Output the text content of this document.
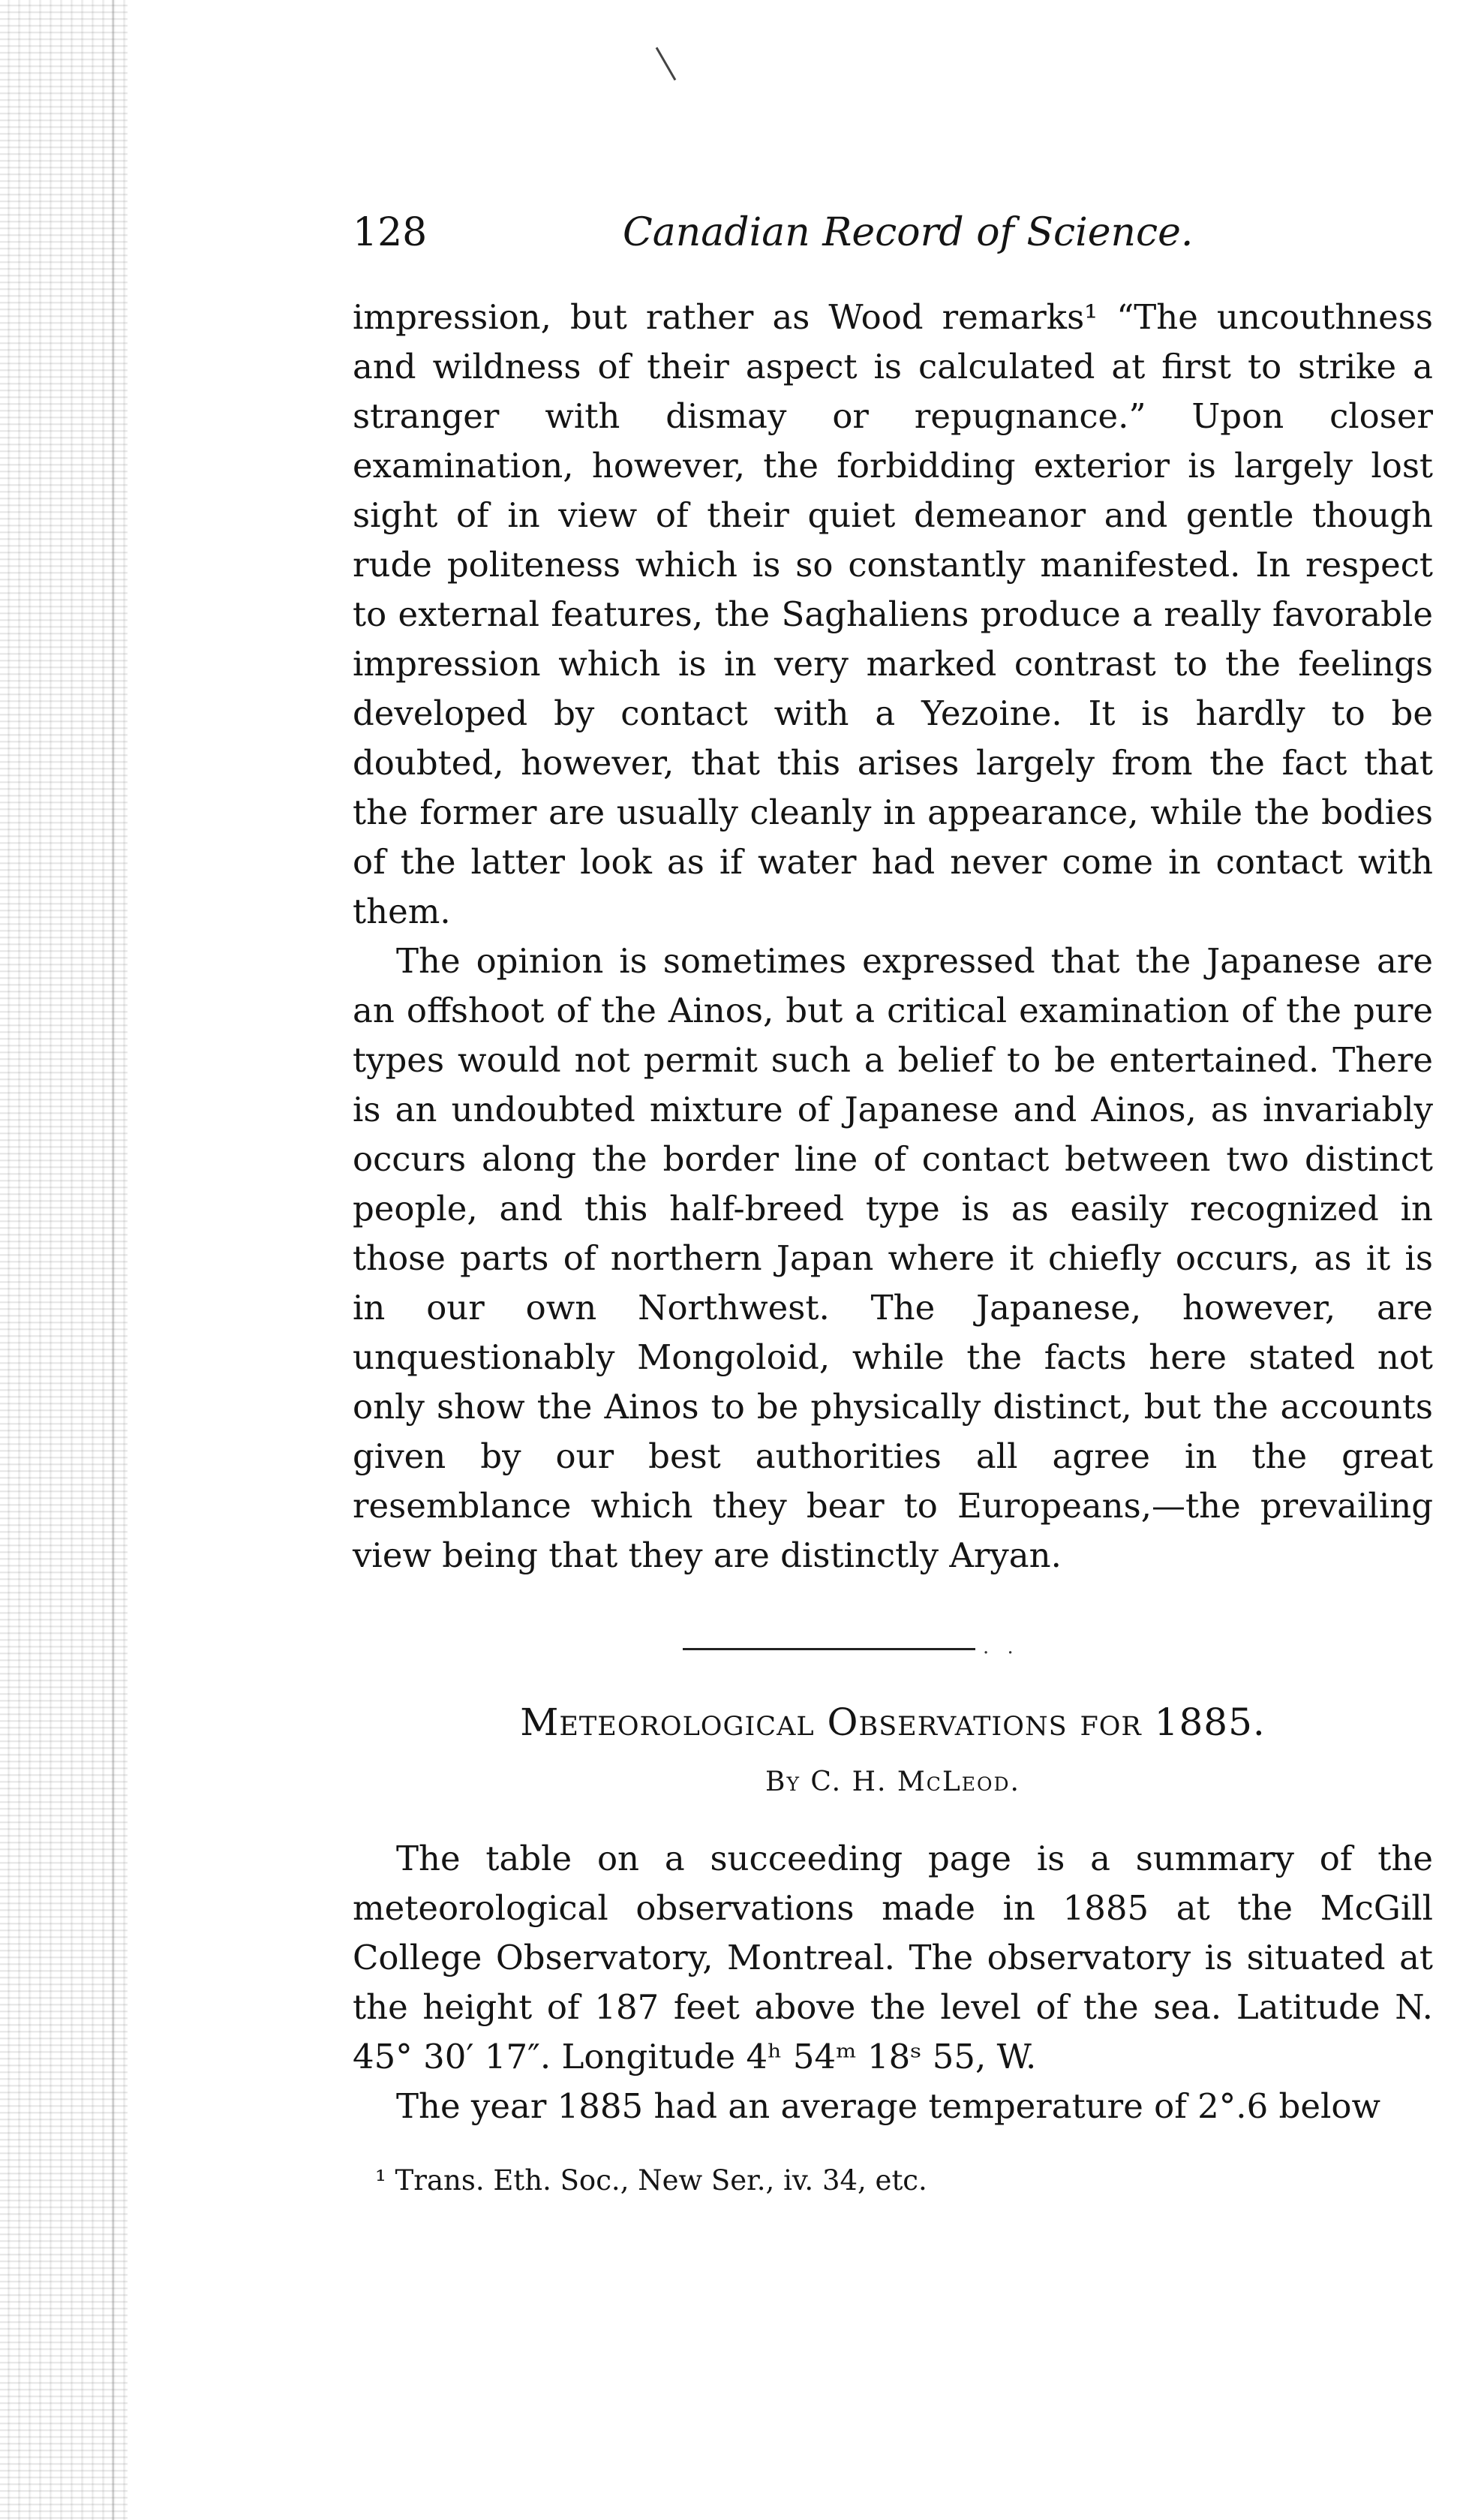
128	Canadian Record of Science.

impression, but rather as Wood remarks¹ “The uncouthness and wildness of their aspect is calculated at first to strike a stranger with dismay or repugnance.” Upon closer examination, however, the forbidding exterior is largely lost sight of in view of their quiet demeanor and gentle though rude politeness which is so constantly manifested. In respect to external features, the Saghaliens produce a really favorable impression which is in very marked contrast to the feelings developed by contact with a Yezoine. It is hardly to be doubted, however, that this arises largely from the fact that the former are usually cleanly in appearance, while the bodies of the latter look as if water had never come in contact with them.

The opinion is sometimes expressed that the Japanese are an offshoot of the Ainos, but a critical examination of the pure types would not permit such a belief to be entertained. There is an undoubted mixture of Japanese and Ainos, as invariably occurs along the border line of contact between two distinct people, and this half-breed type is as easily recognized in those parts of northern Japan where it chiefly occurs, as it is in our own Northwest. The Japanese, however, are unquestionably Mongoloid, while the facts here stated not only show the Ainos to be physically distinct, but the accounts given by our best authorities all agree in the great resemblance which they bear to Europeans,—the prevailing view being that they are distinctly Aryan.

· ·
Meteorological Observations for 1885.
By C. H. McLeod.

The table on a succeeding page is a summary of the meteorological observations made in 1885 at the McGill College Observatory, Montreal. The observatory is situated at the height of 187 feet above the level of the sea. Latitude N. 45° 30′ 17″. Longitude 4ʰ 54ᵐ 18ˢ 55, W.

The year 1885 had an average temperature of 2°.6 below

¹ Trans. Eth. Soc., New Ser., iv. 34, etc.
